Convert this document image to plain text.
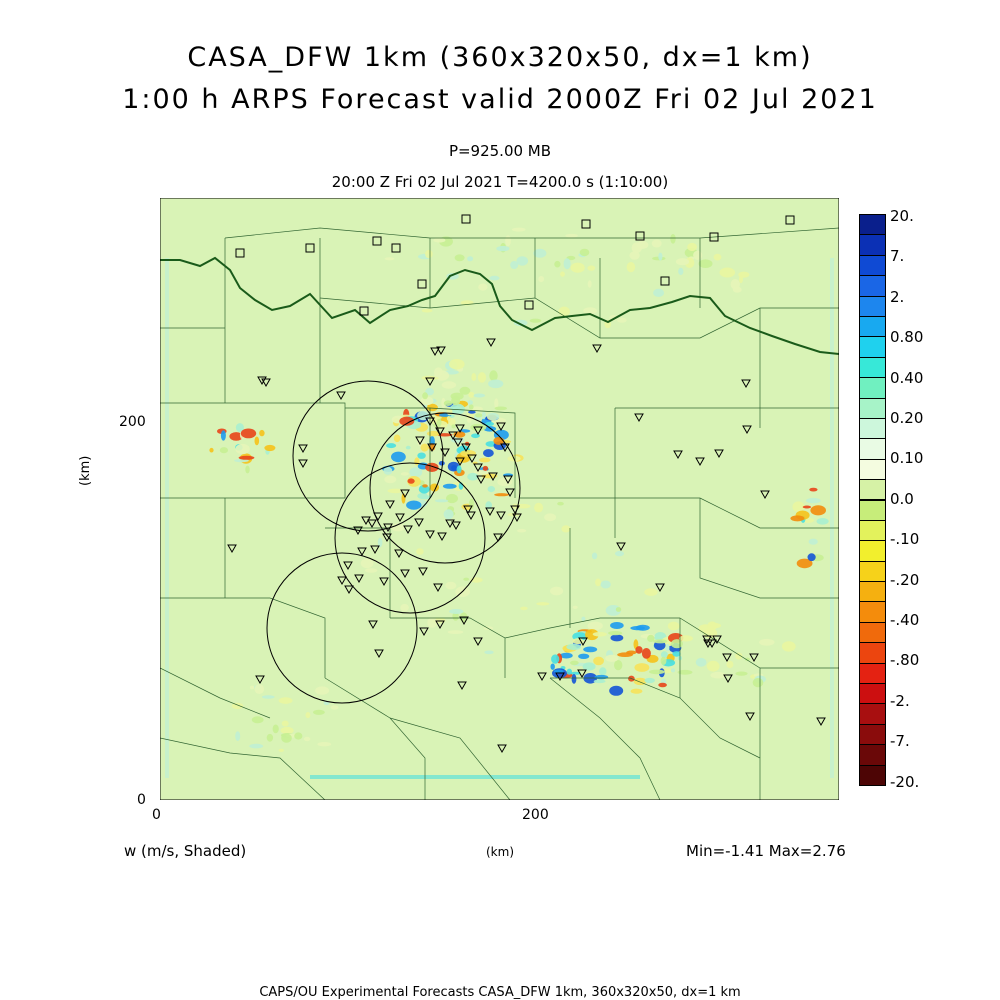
CASA_DFW 1km (360x320x50, dx=1 km)
1:00 h ARPS Forecast valid 2000Z Fri 02 Jul 2021
P=925.00 MB
20:00 Z Fri 02 Jul 2021 T=4200.0 s (1:10:00)
0	200
0
200
(km)
w (m/s, Shaded)	(km)	Min=-1.41 Max=2.76
CAPS/OU Experimental Forecasts CASA_DFW 1km, 360x320x50, dx=1 km
20.
7.
2.
0.80
0.40
0.20
0.10
0.0
-.10
-.20
-.40
-.80
-2.
-7.
-20.
